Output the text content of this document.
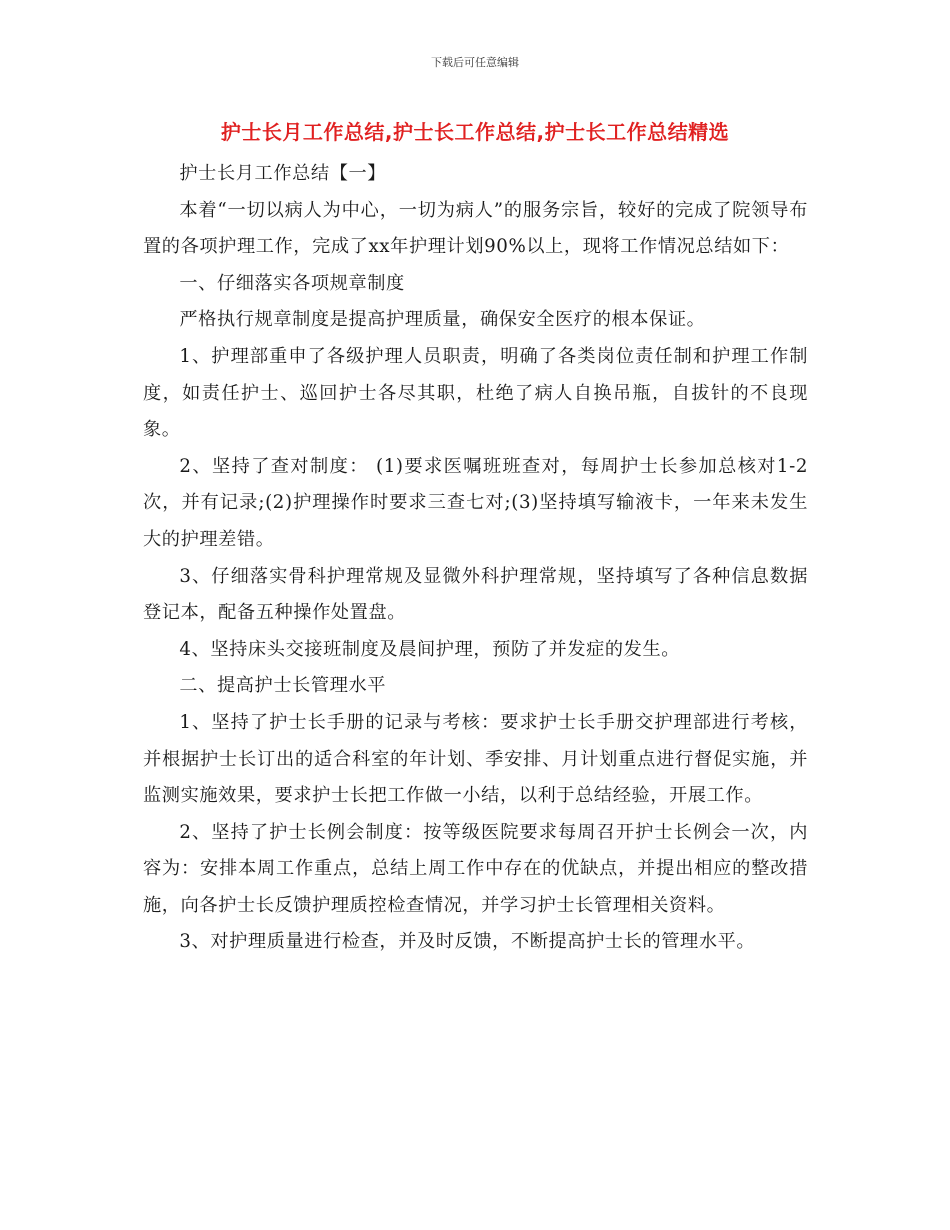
下载后可任意编辑
护士长月工作总结,护士长工作总结,护士长工作总结精选

护士长月工作总结【一】

本着“一切以病人为中心，一切为病人”的服务宗旨，较好的完成了院领导布置的各项护理工作，完成了xx年护理计划90%以上，现将工作情况总结如下：

一、仔细落实各项规章制度

严格执行规章制度是提高护理质量，确保安全医疗的根本保证。

1、护理部重申了各级护理人员职责，明确了各类岗位责任制和护理工作制度，如责任护士、巡回护士各尽其职，杜绝了病人自换吊瓶，自拔针的不良现象。

2、坚持了查对制度： (1)要求医嘱班班查对，每周护士长参加总核对1-2次，并有记录;(2)护理操作时要求三查七对;(3)坚持填写输液卡，一年来未发生大的护理差错。

3、仔细落实骨科护理常规及显微外科护理常规，坚持填写了各种信息数据登记本，配备五种操作处置盘。

4、坚持床头交接班制度及晨间护理，预防了并发症的发生。

二、提高护士长管理水平

1、坚持了护士长手册的记录与考核：要求护士长手册交护理部进行考核，并根据护士长订出的适合科室的年计划、季安排、月计划重点进行督促实施，并监测实施效果，要求护士长把工作做一小结，以利于总结经验，开展工作。

2、坚持了护士长例会制度：按等级医院要求每周召开护士长例会一次，内容为：安排本周工作重点，总结上周工作中存在的优缺点，并提出相应的整改措施，向各护士长反馈护理质控检查情况，并学习护士长管理相关资料。

3、对护理质量进行检查，并及时反馈，不断提高护士长的管理水平。
